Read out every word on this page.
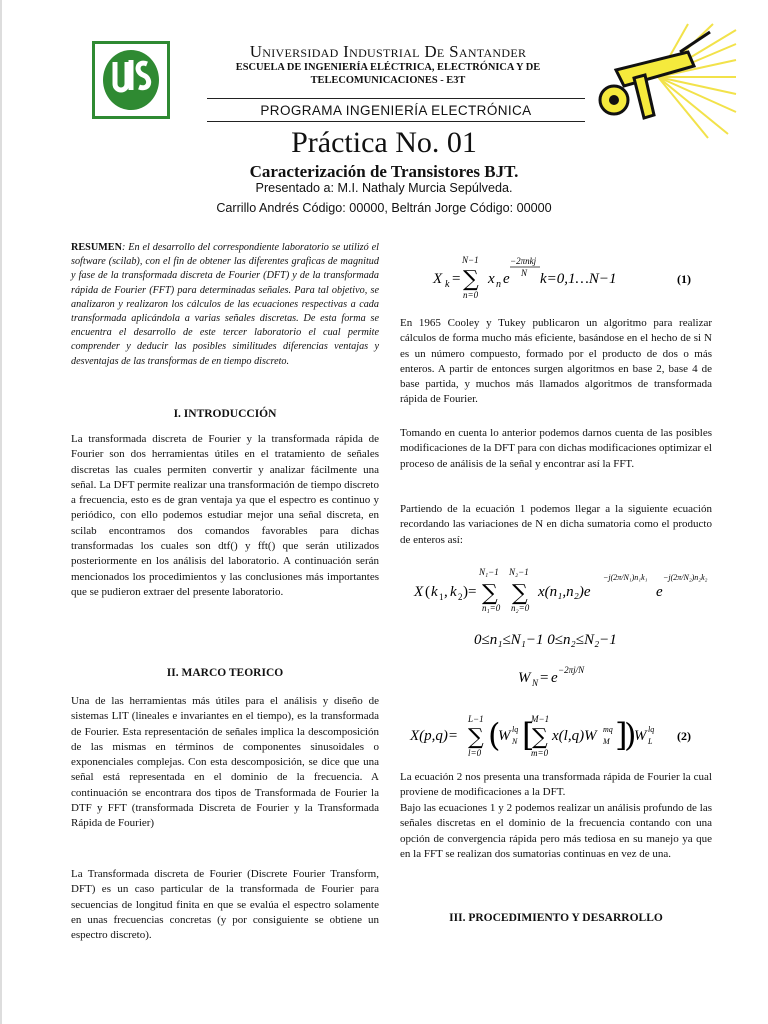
Universidad Industrial De Santander
ESCUELA DE INGENIERÍA ELÉCTRICA, ELECTRÓNICA Y DE
TELECOMUNICACIONES - E3T
PROGRAMA INGENIERÍA ELECTRÓNICA
Práctica No. 01
Caracterización de Transistores BJT.
Presentado a: M.I. Nathaly Murcia Sepúlveda.
Carrillo Andrés Código: 00000, Beltrán Jorge Código: 00000
RESUMEN: En el desarrollo del correspondiente laboratorio se utilizó el software (scilab), con el fin de obtener las diferentes graficas de magnitud y fase de la transformada discreta de Fourier (DFT) y de la transformada rápida de Fourier (FFT) para determinadas señales. Para tal objetivo, se analizaron y realizaron los cálculos de las ecuaciones respectivas a cada transformada aplicándola a varias señales discretas. De esta forma se encuentra el desarrollo de este tercer laboratorio el cual permite comprender y deducir las posibles similitudes diferencias ventajas y desventajas de las transformas de en tiempo discreto.
I. INTRODUCCIÓN

La transformada discreta de Fourier y la transformada rápida de Fourier son dos herramientas útiles en el tratamiento de señales discretas las cuales permiten convertir y analizar fácilmente una señal. La DFT permite realizar una transformación de tiempo discreto a frecuencia, esto es de gran ventaja ya que el espectro es continuo y periódico, con ello podemos estudiar mejor una señal discreta, en scilab encontramos dos comandos favorables para dichas transformadas los cuales son dtf() y fft() que serán utilizados posteriormente en los análisis del laboratorio. A continuación serán mencionados los procedimientos y las conclusiones más importantes que se pudieron extraer del presente laboratorio.

II. MARCO TEORICO

Una de las herramientas más útiles para el análisis y diseño de sistemas LIT (lineales e invariantes en el tiempo), es la transformada de Fourier. Esta representación de señales implica la descomposición de las mismas en términos de componentes sinusoidales o exponenciales complejas. Con esta descomposición, se dice que una señal está representada en el dominio de la frecuencia. A continuación se encontrara dos tipos de Transformada de Fourier la DTF y FFT (transformada Discreta de Fourier y la Transformada Rápida de Fourier)

La Transformada discreta de Fourier (Discrete Fourier Transform, DFT) es un caso particular de la transformada de Fourier para secuencias de longitud finita en que se evalúa el espectro solamente en unas frecuencias concretas (y por consiguiente se obtiene un espectro discreto).

X k = ∑
N−1
n=0
x n e
−2πnkj
N k=0,1…N−1	(1)

En 1965 Cooley y Tukey publicaron un algoritmo para realizar cálculos de forma mucho más eficiente, basándose en el hecho de si N es un número compuesto, formado por el producto de dos o más enteros. A partir de entonces surgen algoritmos en base 2, base 4 de base partida, y muchos más llamados algoritmos de transformada rápida de Fourier.

Tomando en cuenta lo anterior podemos darnos cuenta de las posibles modificaciones de la DFT para con dichas modificaciones optimizar el proceso de análisis de la señal y encontrar así la FFT.

Partiendo de la ecuación 1 podemos llegar a la siguiente ecuación recordando las variaciones de N en dicha sumatoria como el producto de enteros así:

X ( k 1 , k 2 )= ∑ ∑
N₁−1 N₂−1
n₁=0 n₂=0
x(n₁,n₂)e
−j(2π/N₁)n₁k₁
e
−j(2π/N₂)n₂k₂
0≤n₁≤N₁−1 0≤n₂≤N₂−1
W N = e −2πj/N
X(p,q)= ∑
L−1
l=0 (
W lq
N [
∑
M−1
m=0
x(l,q)W mq
M ]
)
W lq
L (2)

La ecuación 2 nos presenta una transformada rápida de Fourier la cual proviene de modificaciones a la DFT.

Bajo las ecuaciones 1 y 2 podemos realizar un análisis profundo de las señales discretas en el dominio de la frecuencia contando con una opción de convergencia rápida pero más tediosa en su manejo ya que en la FFT se realizan dos sumatorias continuas en vez de una.

III. PROCEDIMIENTO Y DESARROLLO
